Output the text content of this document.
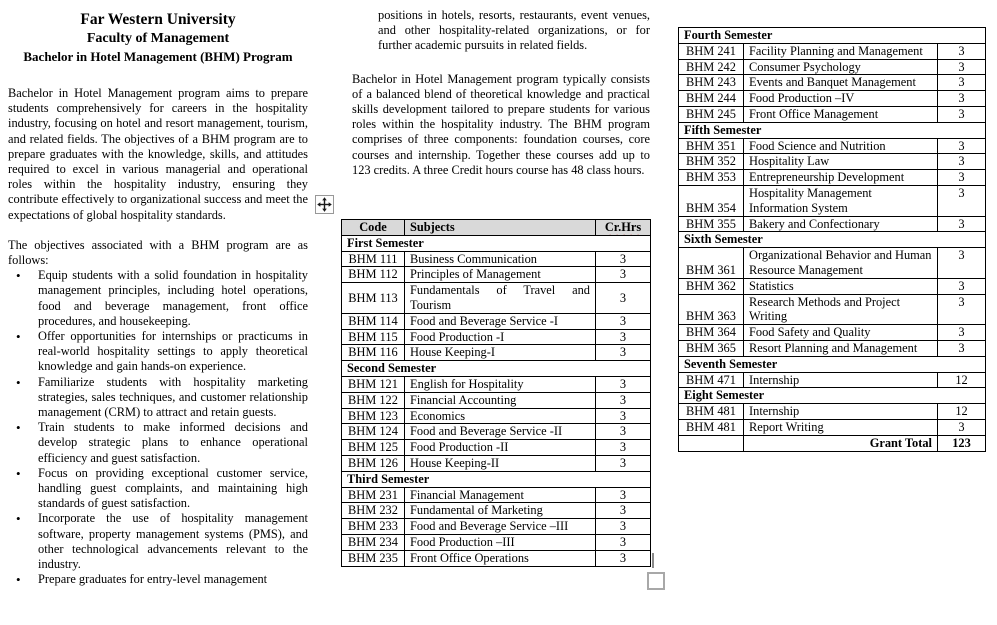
Far Western University
Faculty of Management
Bachelor in Hotel Management (BHM) Program

Bachelor in Hotel Management program aims to prepare students comprehensively for careers in the hospitality industry, focusing on hotel and resort management, tourism, and related fields. The objectives of a BHM program are to prepare graduates with the knowledge, skills, and attitudes required to excel in various managerial and operational roles within the hospitality industry, ensuring they contribute effectively to organizational success and meet the expectations of global hospitality standards.

The objectives associated with a BHM program are as follows:

• Equip students with a solid foundation in hospitality management principles, including hotel operations, food and beverage management, front office procedures, and housekeeping.
• Offer opportunities for internships or practicums in real-world hospitality settings to apply theoretical knowledge and gain hands-on experience.
• Familiarize students with hospitality marketing strategies, sales techniques, and customer relationship management (CRM) to attract and retain guests.
• Train students to make informed decisions and develop strategic plans to enhance operational efficiency and guest satisfaction.
• Focus on providing exceptional customer service, handling guest complaints, and maintaining high standards of guest satisfaction.
• Incorporate the use of hospitality management software, property management systems (PMS), and other technological advancements relevant to the industry.
• Prepare graduates for entry-level management

positions in hotels, resorts, restaurants, event venues, and other hospitality-related organizations, or for further academic pursuits in related fields.

Bachelor in Hotel Management program typically consists of a balanced blend of theoretical knowledge and practical skills development tailored to prepare students for various roles within the hospitality industry. The BHM program comprises of three components: foundation courses, core courses and internship. Together these courses add up to 123 credits. A three Credit hours course has 48 class hours.

Code	Subjects	Cr.Hrs
First Semester		
BHM 111	Business Communication	3
BHM 112	Principles of Management	3
BHM 113	Fundamentals of Travel and Tourism	3
BHM 114	Food and Beverage Service -I	3
BHM 115	Food Production -I	3
BHM 116	House Keeping-I	3
Second Semester		
BHM 121	English for Hospitality	3
BHM 122	Financial Accounting	3
BHM 123	Economics	3
BHM 124	Food and Beverage Service -II	3
BHM 125	Food Production -II	3
BHM 126	House Keeping-II	3
Third Semester		
BHM 231	Financial Management	3
BHM 232	Fundamental of Marketing	3
BHM 233	Food and Beverage Service –III	3
BHM 234	Food Production –III	3
BHM 235	Front Office Operations	3
Fourth Semester		
BHM 241	Facility Planning and Management	3
BHM 242	Consumer Psychology	3
BHM 243	Events and Banquet Management	3
BHM 244	Food Production –IV	3
BHM 245	Front Office Management	3
Fifth Semester		
BHM 351	Food Science and Nutrition	3
BHM 352	Hospitality Law	3
BHM 353	Entrepreneurship Development	3
BHM 354	Hospitality Management Information System	3
BHM 355	Bakery and Confectionary	3
Sixth Semester		
BHM 361	Organizational Behavior and Human Resource Management	3
BHM 362	Statistics	3
BHM 363	Research Methods and Project Writing	3
BHM 364	Food Safety and Quality	3
BHM 365	Resort Planning and Management	3
Seventh Semester		
BHM 471	Internship	12
Eight Semester		
BHM 481	Internship	12
BHM 481	Report Writing	3
	Grant Total	123
